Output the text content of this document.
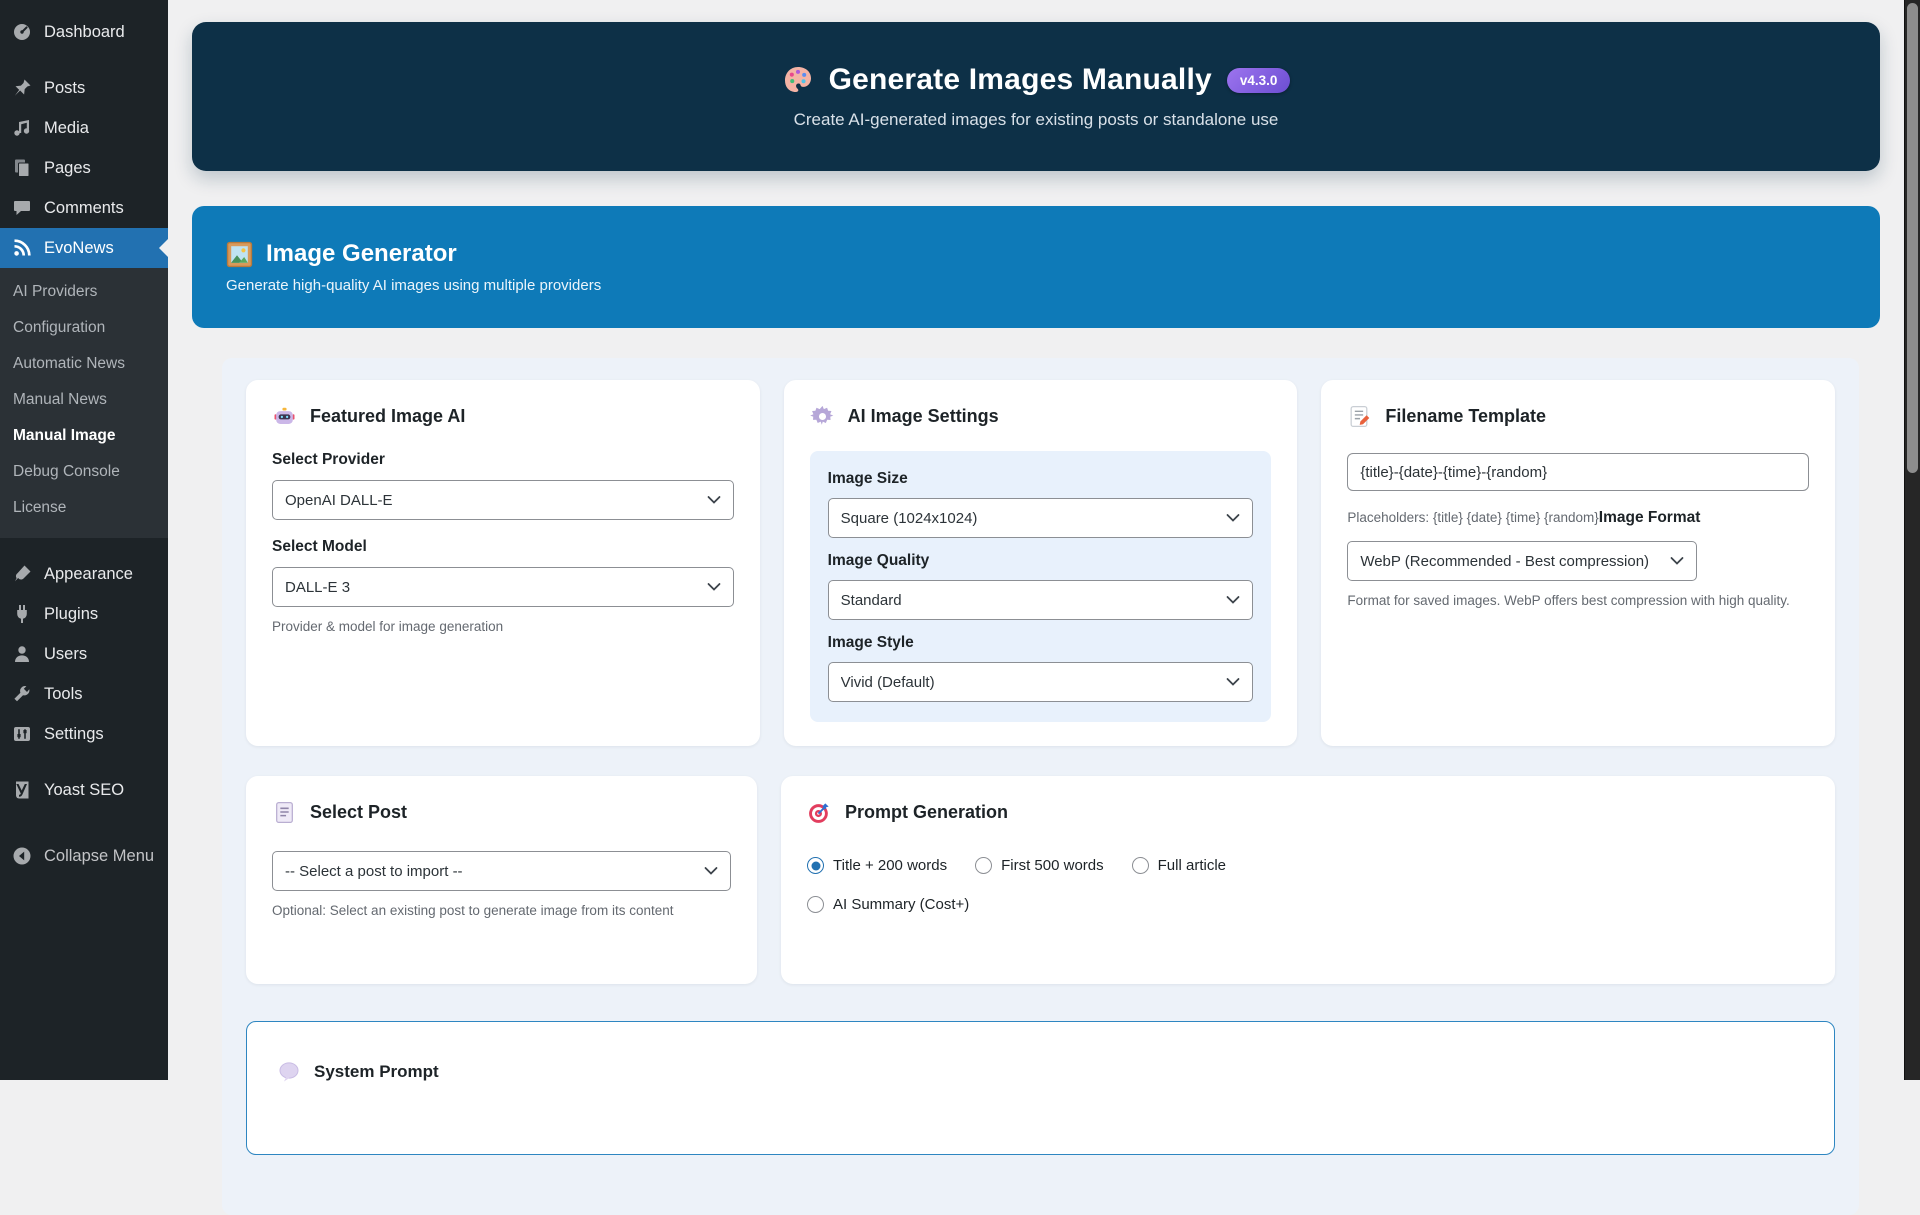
Dashboard
Posts
Media
Pages
Comments
EvoNews
AI Providers
Configuration
Automatic News
Manual News
Manual Image
Debug Console
License
Appearance
Plugins
Users
Tools
Settings
Yoast SEO
Collapse Menu
Generate Images Manually	v4.3.0
Create AI-generated images for existing posts or standalone use
Image Generator
Generate high-quality AI images using multiple providers
Featured Image AI
Select Provider
OpenAI DALL-E
Select Model
DALL-E 3
Provider & model for image generation
AI Image Settings
Image Size
Square (1024x1024)
Image Quality
Standard
Image Style
Vivid (Default)
Filename Template
{title}-{date}-{time}-{random}
Placeholders: {title} {date} {time} {random}Image Format
WebP (Recommended - Best compression)
Format for saved images. WebP offers best compression with high quality.
Select Post
-- Select a post to import --
Optional: Select an existing post to generate image from its content
Prompt Generation
Title + 200 words	First 500 words	Full article
AI Summary (Cost+)
System Prompt
